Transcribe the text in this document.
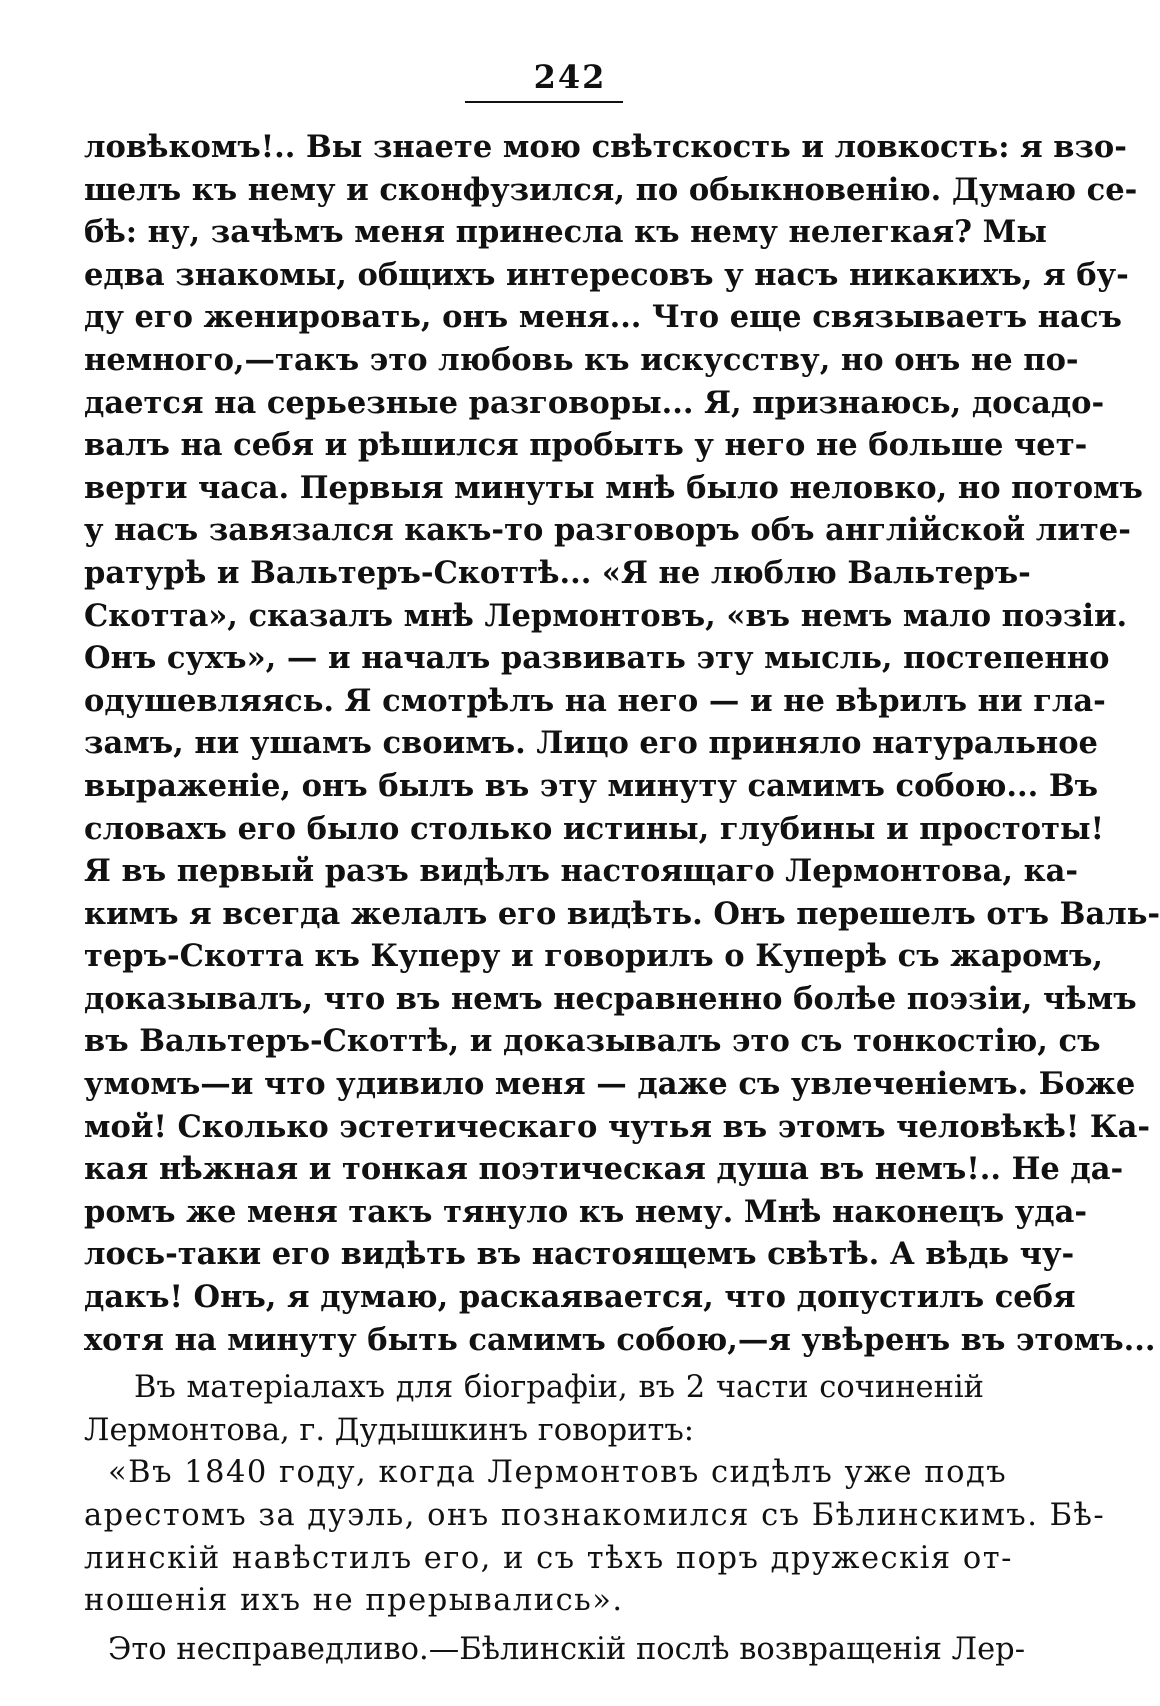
242
ловѣкомъ!.. Вы знаете мою свѣтскость и ловкость: я взо-
шелъ къ нему и сконфузился, по обыкновенію. Думаю се-
бѣ: ну, зачѣмъ меня принесла къ нему нелегкая? Мы
едва знакомы, общихъ интересовъ у насъ никакихъ, я бу-
ду его женировать, онъ меня... Что еще связываетъ насъ
немного,—такъ это любовь къ искусству, но онъ не по-
дается на серьезные разговоры... Я, признаюсь, досадо-
валъ на себя и рѣшился пробыть у него не больше чет-
верти часа. Первыя минуты мнѣ было неловко, но потомъ
у насъ завязался какъ-то разговоръ объ англійской лите-
ратурѣ и Вальтеръ-Скоттѣ... «Я не люблю Вальтеръ-
Скотта», сказалъ мнѣ Лермонтовъ, «въ немъ мало поэзіи.
Онъ сухъ», — и началъ развивать эту мысль, постепенно
одушевляясь. Я смотрѣлъ на него — и не вѣрилъ ни гла-
замъ, ни ушамъ своимъ. Лицо его приняло натуральное
выраженіе, онъ былъ въ эту минуту самимъ собою... Въ
словахъ его было столько истины, глубины и простоты!
Я въ первый разъ видѣлъ настоящаго Лермонтова, ка-
кимъ я всегда желалъ его видѣть. Онъ перешелъ отъ Валь-
теръ-Скотта къ Куперу и говорилъ о Куперѣ съ жаромъ,
доказывалъ, что въ немъ несравненно болѣе поэзіи, чѣмъ
въ Вальтеръ-Скоттѣ, и доказывалъ это съ тонкостію, съ
умомъ—и что удивило меня — даже съ увлеченіемъ. Боже
мой! Сколько эстетическаго чутья въ этомъ человѣкѣ! Ка-
кая нѣжная и тонкая поэтическая душа въ немъ!.. Не да-
ромъ же меня такъ тянуло къ нему. Мнѣ наконецъ уда-
лось-таки его видѣть въ настоящемъ свѣтѣ. А вѣдь чу-
дакъ! Онъ, я думаю, раскаявается, что допустилъ себя
хотя на минуту быть самимъ собою,—я увѣренъ въ этомъ...
Въ матеріалахъ для біографіи, въ 2 части сочиненій
Лермонтова, г. Дудышкинъ говоритъ:
«Въ 1840 году, когда Лермонтовъ сидѣлъ уже подъ
арестомъ за дуэль, онъ познакомился съ Бѣлинскимъ. Бѣ-
линскій навѣстилъ его, и съ тѣхъ поръ дружескія от-
ношенія ихъ не прерывались».
Это несправедливо.—Бѣлинскій послѣ возвращенія Лер-
